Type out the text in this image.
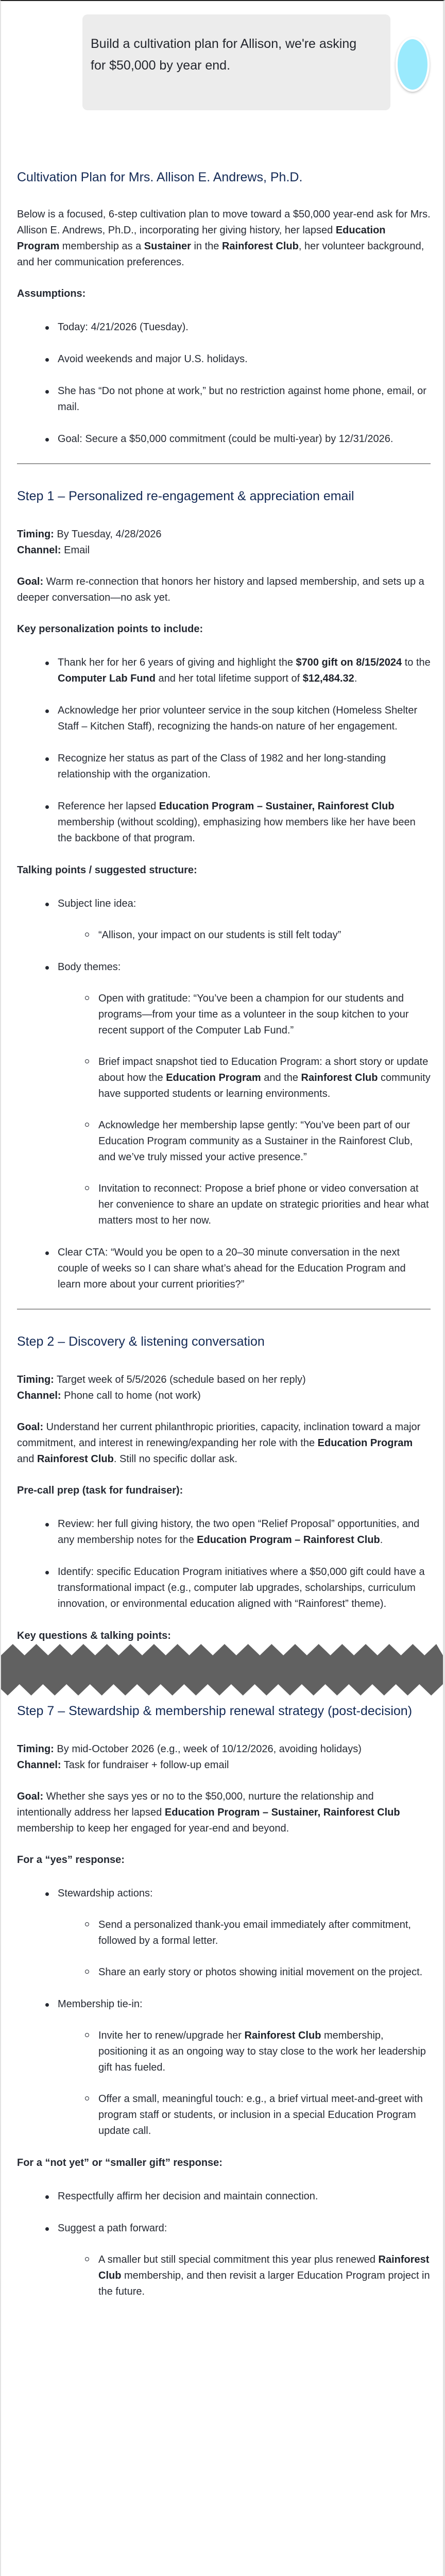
Build a cultivation plan for Allison, we're asking for $50,000 by year end.
Cultivation Plan for Mrs. Allison E. Andrews, Ph.D.

Below is a focused, 6-step cultivation plan to move toward a $50,000 year-end ask for Mrs. Allison E. Andrews, Ph.D., incorporating her giving history, her lapsed Education Program membership as a Sustainer in the Rainforest Club, her volunteer background, and her communication preferences.

Assumptions:

Today: 4/21/2026 (Tuesday).
Avoid weekends and major U.S. holidays.
She has “Do not phone at work,” but no restriction against home phone, email, or mail.
Goal: Secure a $50,000 commitment (could be multi-year) by 12/31/2026.
Step 1 – Personalized re-engagement & appreciation email

Timing: By Tuesday, 4/28/2026

Channel: Email

Goal: Warm re-connection that honors her history and lapsed membership, and sets up a deeper conversation—no ask yet.

Key personalization points to include:

Thank her for her 6 years of giving and highlight the $700 gift on 8/15/2024 to the Computer Lab Fund and her total lifetime support of $12,484.32.
Acknowledge her prior volunteer service in the soup kitchen (Homeless Shelter Staff – Kitchen Staff), recognizing the hands-on nature of her engagement.
Recognize her status as part of the Class of 1982 and her long-standing relationship with the organization.
Reference her lapsed Education Program – Sustainer, Rainforest Club membership (without scolding), emphasizing how members like her have been the backbone of that program.

Talking points / suggested structure:

Subject line idea:
“Allison, your impact on our students is still felt today”
Body themes:
Open with gratitude: “You’ve been a champion for our students and programs—from your time as a volunteer in the soup kitchen to your recent support of the Computer Lab Fund.”
Brief impact snapshot tied to Education Program: a short story or update about how the Education Program and the Rainforest Club community have supported students or learning environments.
Acknowledge her membership lapse gently: “You’ve been part of our Education Program community as a Sustainer in the Rainforest Club, and we’ve truly missed your active presence.”
Invitation to reconnect: Propose a brief phone or video conversation at her convenience to share an update on strategic priorities and hear what matters most to her now.
Clear CTA: “Would you be open to a 20–30 minute conversation in the next couple of weeks so I can share what’s ahead for the Education Program and learn more about your current priorities?”
Step 2 – Discovery & listening conversation

Timing: Target week of 5/5/2026 (schedule based on her reply)

Channel: Phone call to home (not work)

Goal: Understand her current philanthropic priorities, capacity, inclination toward a major commitment, and interest in renewing/expanding her role with the Education Program and Rainforest Club. Still no specific dollar ask.

Pre-call prep (task for fundraiser):

Review: her full giving history, the two open “Relief Proposal” opportunities, and any membership notes for the Education Program – Rainforest Club.
Identify: specific Education Program initiatives where a $50,000 gift could have a transformational impact (e.g., computer lab upgrades, scholarships, curriculum innovation, or environmental education aligned with “Rainforest” theme).

Key questions & talking points:

Step 7 – Stewardship & membership renewal strategy (post-decision)

Timing: By mid-October 2026 (e.g., week of 10/12/2026, avoiding holidays)

Channel: Task for fundraiser + follow-up email

Goal: Whether she says yes or no to the $50,000, nurture the relationship and intentionally address her lapsed Education Program – Sustainer, Rainforest Club membership to keep her engaged for year-end and beyond.

For a “yes” response:

Stewardship actions:
Send a personalized thank-you email immediately after commitment, followed by a formal letter.
Share an early story or photos showing initial movement on the project.
Membership tie-in:
Invite her to renew/upgrade her Rainforest Club membership, positioning it as an ongoing way to stay close to the work her leadership gift has fueled.
Offer a small, meaningful touch: e.g., a brief virtual meet-and-greet with program staff or students, or inclusion in a special Education Program update call.

For a “not yet” or “smaller gift” response:

Respectfully affirm her decision and maintain connection.
Suggest a path forward:
A smaller but still special commitment this year plus renewed Rainforest Club membership, and then revisit a larger Education Program project in the future.
